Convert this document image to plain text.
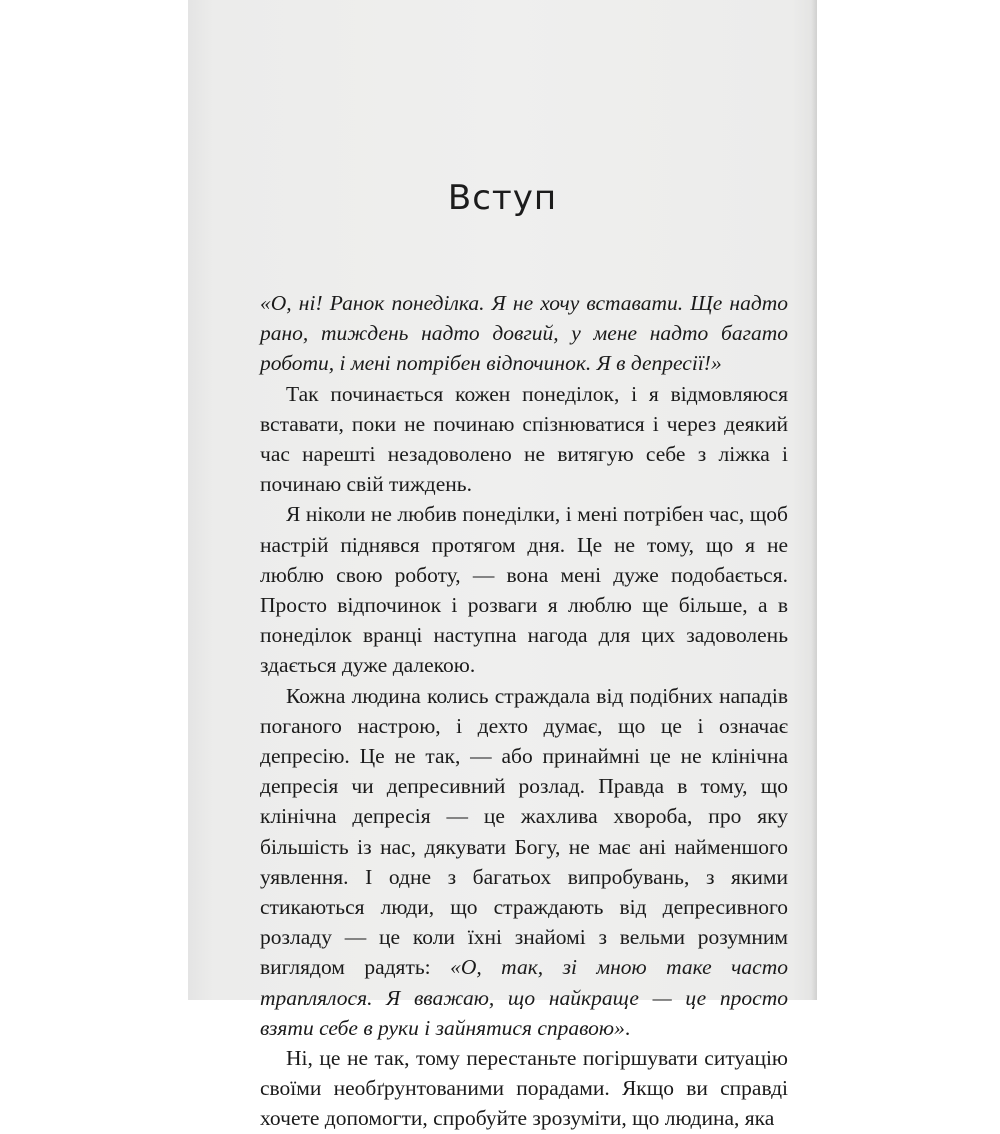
Вступ

«О, ні! Ранок понеділка. Я не хочу вставати. Ще надто рано, тиждень надто довгий, у мене надто багато роботи, і мені потрібен відпочинок. Я в депресії!»

Так починається кожен понеділок, і я відмовляюся вставати, поки не починаю спізнюватися і через деякий час нарешті незадоволено не витягую себе з ліжка і починаю свій тиждень.

Я ніколи не любив понеділки, і мені потрібен час, щоб настрій піднявся протягом дня. Це не тому, що я не люблю свою роботу, — вона мені дуже подобається. Просто відпочинок і розваги я люблю ще більше, а в понеділок вранці наступна нагода для цих задоволень здається дуже далекою.

Кожна людина колись страждала від подібних нападів поганого настрою, і дехто думає, що це і означає депресію. Це не так, — або принаймні це не клінічна депресія чи депресивний розлад. Правда в тому, що клінічна депресія — це жахлива хвороба, про яку більшість із нас, дякувати Богу, не має ані найменшого уявлення. І одне з багатьох випробувань, з якими стикаються люди, що страждають від депресивного розладу — це коли їхні знайомі з вельми розумним виглядом радять: «О, так, зі мною таке часто траплялося. Я вважаю, що найкраще — це просто взяти себе в руки і зайнятися справою».

Ні, це не так, тому перестаньте погіршувати ситуацію своїми необґрунтованими порадами. Якщо ви справді хочете допомогти, спробуйте зрозуміти, що людина, яка
